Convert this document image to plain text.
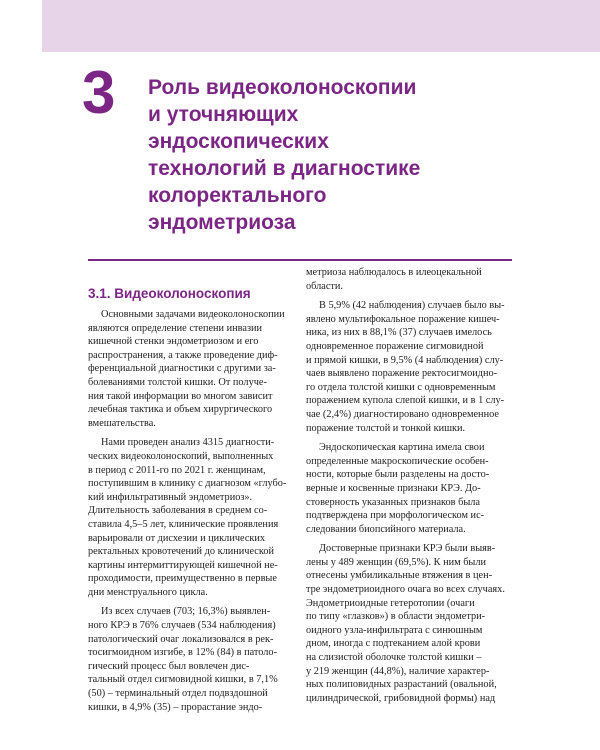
3 Роль видеоколоноскопии
и уточняющих
эндоскопических
технологий в диагностике
колоректального
эндометриоза
3.1. Видеоколоноскопия

Основными задачами видеоколоноскопии
являются определение степени инвазии
кишечной стенки эндометриозом и его
распространения, а также проведение диф-
ференциальной диагностики с другими за-
болеваниями толстой кишки. От получе-
ния такой информации во многом зависит
лечебная тактика и объем хирургического
вмешательства.

Нами проведен анализ 4315 диагности-
ческих видеоколоноскопий, выполненных
в период с 2011-го по 2021 г. женщинам,
поступившим в клинику с диагнозом «глубо-
кий инфильтративный эндометриоз».
Длительность заболевания в среднем со-
ставила 4,5–5 лет, клинические проявления
варьировали от дисхезии и циклических
ректальных кровотечений до клинической
картины интермиттирующей кишечной не-
проходимости, преимущественно в первые
дни менструального цикла.

Из всех случаев (703; 16,3%) выявлен-
ного КРЭ в 76% случаев (534 наблюдения)
патологический очаг локализовался в рек-
тосигмоидном изгибе, в 12% (84) в патоло-
гический процесс был вовлечен дис-
тальный отдел сигмовидной кишки, в 7,1%
(50) – терминальный отдел подвздошной
кишки, в 4,9% (35) – прорастание эндо-

метриоза наблюдалось в илеоцекальной
области.

В 5,9% (42 наблюдения) случаев было вы-
явлено мультифокальное поражение кишеч-
ника, из них в 88,1% (37) случаев имелось
одновременное поражение сигмовидной
и прямой кишки, в 9,5% (4 наблюдения) слу-
чаев выявлено поражение ректосигмоидно-
го отдела толстой кишки с одновременным
поражением купола слепой кишки, и в 1 слу-
чае (2,4%) диагностировано одновременное
поражение толстой и тонкой кишки.

Эндоскопическая картина имела свои
определенные макроскопические особен-
ности, которые были разделены на досто-
верные и косвенные признаки КРЭ. До-
стоверность указанных признаков была
подтверждена при морфологическом ис-
следовании биопсийного материала.

Достоверные признаки КРЭ были выяв-
лены у 489 женщин (69,5%). К ним были
отнесены умбиликальные втяжения в цен-
тре эндометриоидного очага во всех случаях.
Эндометриоидные гетеротопии (очаги
по типу «глазков») в области эндометри-
оидного узла-инфильтрата с синюшным
дном, иногда с подтеканием алой крови
на слизистой оболочке толстой кишки –
у 219 женщин (44,8%), наличие характер-
ных полиповидных разрастаний (овальной,
цилиндрической, грибовидной формы) над
